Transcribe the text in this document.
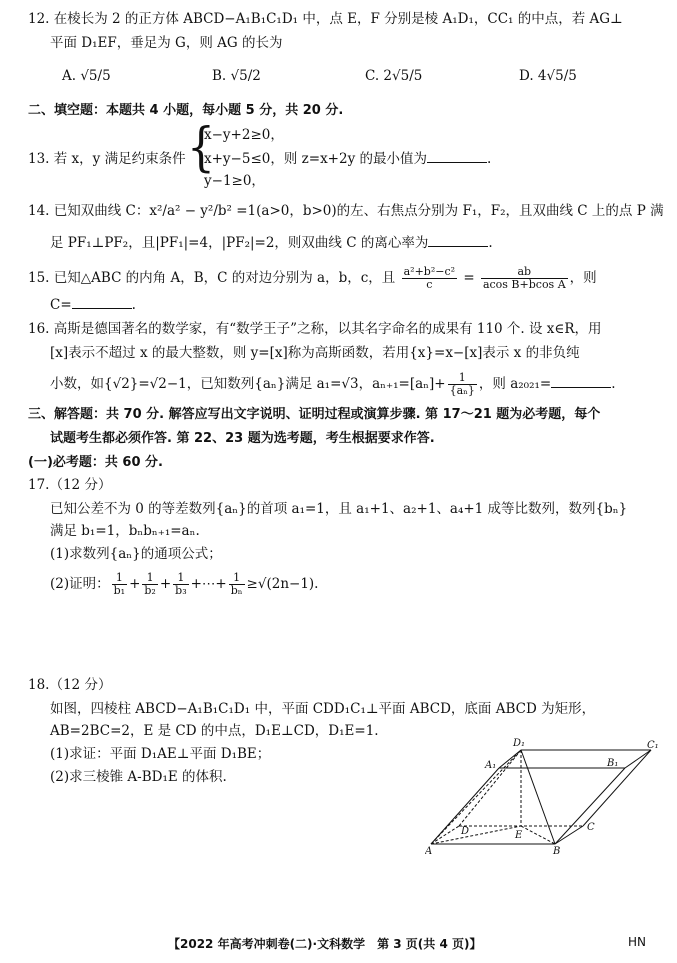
12. 在棱长为 2 的正方体 ABCD−A₁B₁C₁D₁ 中，点 E，F 分别是棱 A₁D₁，CC₁ 的中点，若 AG⊥
平面 D₁EF，垂足为 G，则 AG 的长为
A. √5/5	B. √5/2	C. 2√5/5	D. 4√5/5
二、填空题：本题共 4 小题，每小题 5 分，共 20 分.
13. 若 x，y 满足约束条件 {
x−y+2≥0，
x+y−5≤0，则 z=x+2y 的最小值为	.
y−1≥0，
14. 已知双曲线 C：x²/a² − y²/b² =1(a>0，b>0)的左、右焦点分别为 F₁，F₂，且双曲线 C 上的点 P 满
足 PF₁⊥PF₂，且|PF₁|=4，|PF₂|=2，则双曲线 C 的离心率为	.
15. 已知△ABC 的内角 A，B，C 的对边分别为 a，b，c，且 $\frac{\text{a²+b²−c²}}{c} = \frac{ab}{\text{acos B+bcos A}}$ ，则
C=	.
16. 高斯是德国著名的数学家，有“数学王子”之称，以其名字命名的成果有 110 个. 设 x∈R，用
[x]表示不超过 x 的最大整数，则 y=[x]称为高斯函数，若用{x}=x−[x]表示 x 的非负纯
小数，如{√2}=√2−1，已知数列{aₙ}满足 a₁=√3，$a_{n+1}=[a_n]+ \frac{1}{\text{\{aₙ\}}}$ ，则 a₂₀₂₁=	.
三、解答题：共 70 分. 解答应写出文字说明、证明过程或演算步骤. 第 17～21 题为必考题，每个
试题考生都必须作答. 第 22、23 题为选考题，考生根据要求作答.
(一)必考题：共 60 分.
17.（12 分）
已知公差不为 0 的等差数列{aₙ}的首项 a₁=1，且 a₁+1、a₂+1、a₄+1 成等比数列，数列{bₙ}
满足 b₁=1，bₙbₙ₊₁=aₙ.
(1)求数列{aₙ}的通项公式；
(2)证明： $\frac{1}{\text{b₁}} + \frac{1}{\text{b₂}} + \frac{1}{\text{b₃}}$ +⋯+ $\frac{1}{\text{bₙ}} \ge√(2n-1)$.
18.（12 分）
如图，四棱柱 ABCD−A₁B₁C₁D₁ 中，平面 CDD₁C₁⊥平面 ABCD，底面 ABCD 为矩形，
AB=2BC=2，E 是 CD 的中点，D₁E⊥CD，D₁E=1.
(1)求证：平面 D₁AE⊥平面 D₁BE；
(2)求三棱锥 A-BD₁E 的体积.
D₁	C₁
A₁	B₁
D	E
C
A	B
【2022 年高考冲刺卷(二)·文科数学　第 3 页(共 4 页)】	HN
